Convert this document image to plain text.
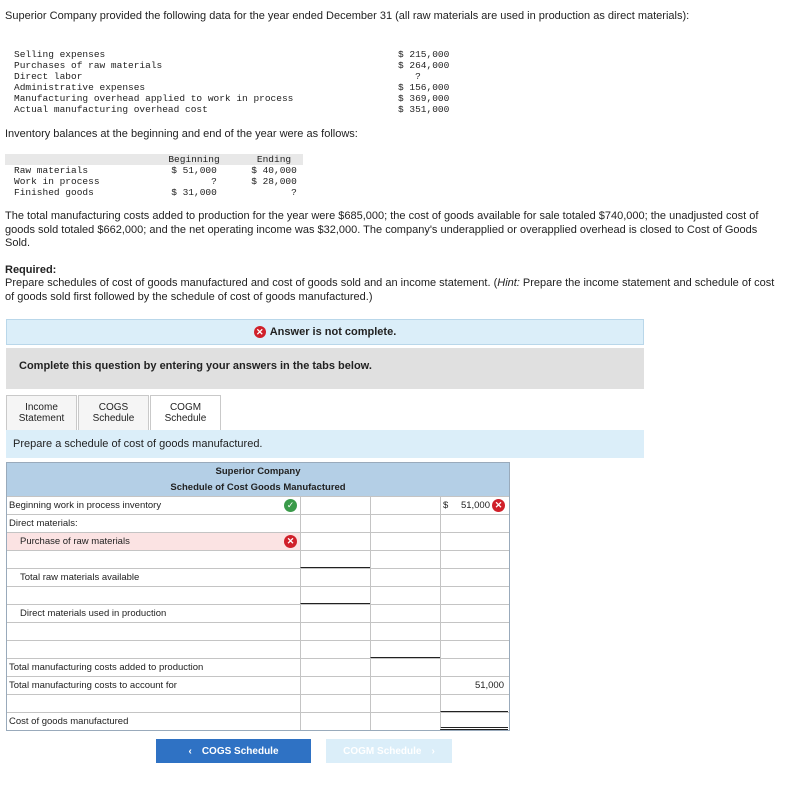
Superior Company provided the following data for the year ended December 31 (all raw materials are used in production as direct materials):
Selling expenses	$ 215,000
Purchases of raw materials	$ 264,000
Direct labor	?
Administrative expenses	$ 156,000
Manufacturing overhead applied to work in process	$ 369,000
Actual manufacturing overhead cost	$ 351,000
Inventory balances at the beginning and end of the year were as follows:
Beginning	Ending
Raw materials	$ 51,000	$ 40,000
Work in process	?	$ 28,000
Finished goods	$ 31,000	?
The total manufacturing costs added to production for the year were $685,000; the cost of goods available for sale totaled $740,000; the unadjusted cost of goods sold totaled $662,000; and the net operating income was $32,000. The company's underapplied or overapplied overhead is closed to Cost of Goods Sold.
Required:
Prepare schedules of cost of goods manufactured and cost of goods sold and an income statement. (Hint: Prepare the income statement and schedule of cost of goods sold first followed by the schedule of cost of goods manufactured.)
✕ Answer is not complete.
Complete this question by entering your answers in the tabs below.
Income
Statement
COGS
Schedule
COGM
Schedule
Prepare a schedule of cost of goods manufactured.
Superior Company
Schedule of Cost Goods Manufactured
Beginning work in process inventory	✓	$ 51,000 ✕
Direct materials:
Purchase of raw materials	✕
Total raw materials available
Direct materials used in production
Total manufacturing costs added to production
Total manufacturing costs to account for	51,000
Cost of goods manufactured
‹ COGS Schedule	COGM Schedule ›
